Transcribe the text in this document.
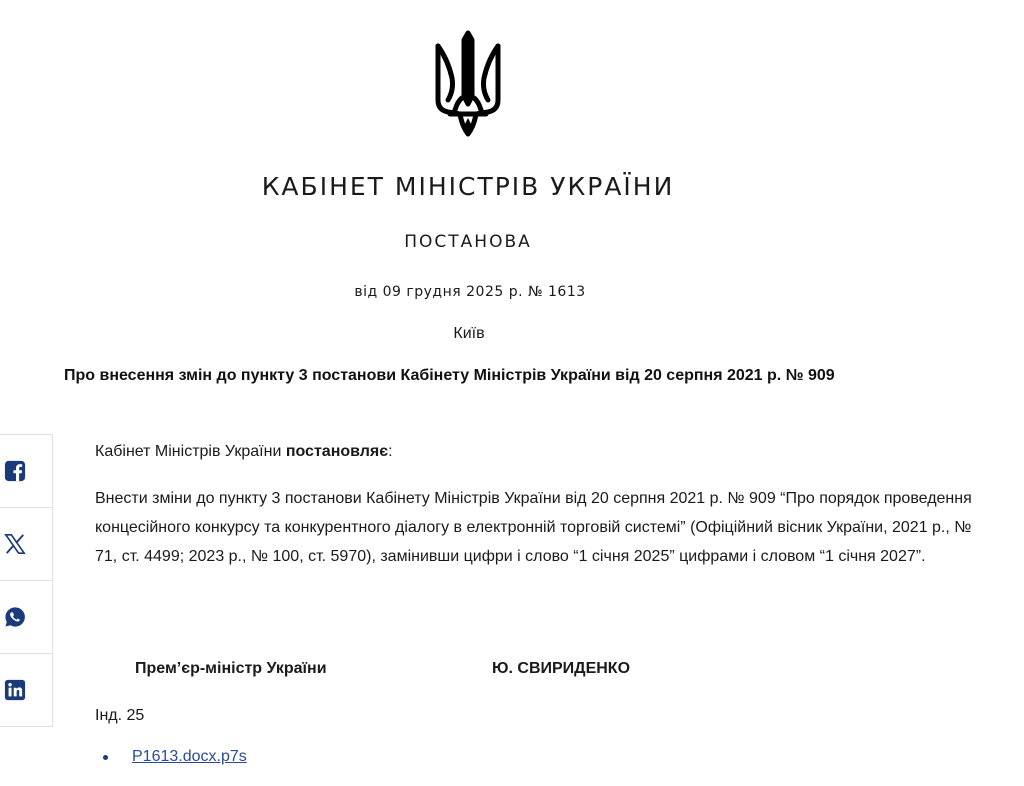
КАБІНЕТ МІНІСТРІВ УКРАЇНИ
ПОСТАНОВА
від 09 грудня 2025 р. № 1613
Київ
Про внесення змін до пункту 3 постанови Кабінету Міністрів України від 20 серпня 2021 р. № 909

Кабінет Міністрів України постановляє:

Внести зміни до пункту 3 постанови Кабінету Міністрів України від 20 серпня 2021 р. № 909 “Про порядок проведення концесійного конкурсу та конкурентного діалогу в електронній торговій системі” (Офіційний вісник України, 2021 р., № 71, ст. 4499; 2023 р., № 100, ст. 5970), замінивши цифри і слово “1 січня 2025” цифрами і словом “1 січня 2027”.

Прем’єр-міністр України	Ю. СВИРИДЕНКО
Інд. 25
P1613.docx.p7s
